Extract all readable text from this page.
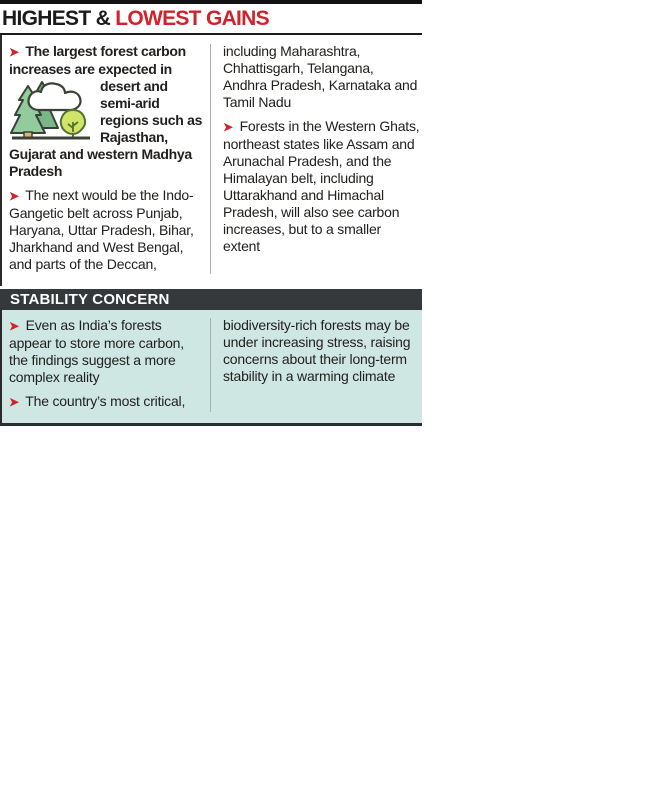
HIGHEST & LOWEST GAINS

➤ The largest forest carbon increases are expected in
desert and semi-arid regions such as Rajasthan, Gujarat and western Madhya Pradesh

➤ The next would be the Indo-Gangetic belt across Punjab, Haryana, Uttar Pradesh, Bihar, Jharkhand and West Bengal, and parts of the Deccan,

including Maharashtra, Chhattisgarh, Telangana, Andhra Pradesh, Karnataka and Tamil Nadu

➤ Forests in the Western Ghats, northeast states like Assam and Arunachal Pradesh, and the Himalayan belt, including Uttarakhand and Himachal Pradesh, will also see carbon increases, but to a smaller extent

STABILITY CONCERN

➤ Even as India’s forests appear to store more carbon, the findings suggest a more complex reality

➤ The country’s most critical,

biodiversity-rich forests may be under increasing stress, raising concerns about their long-term stability in a warming climate
